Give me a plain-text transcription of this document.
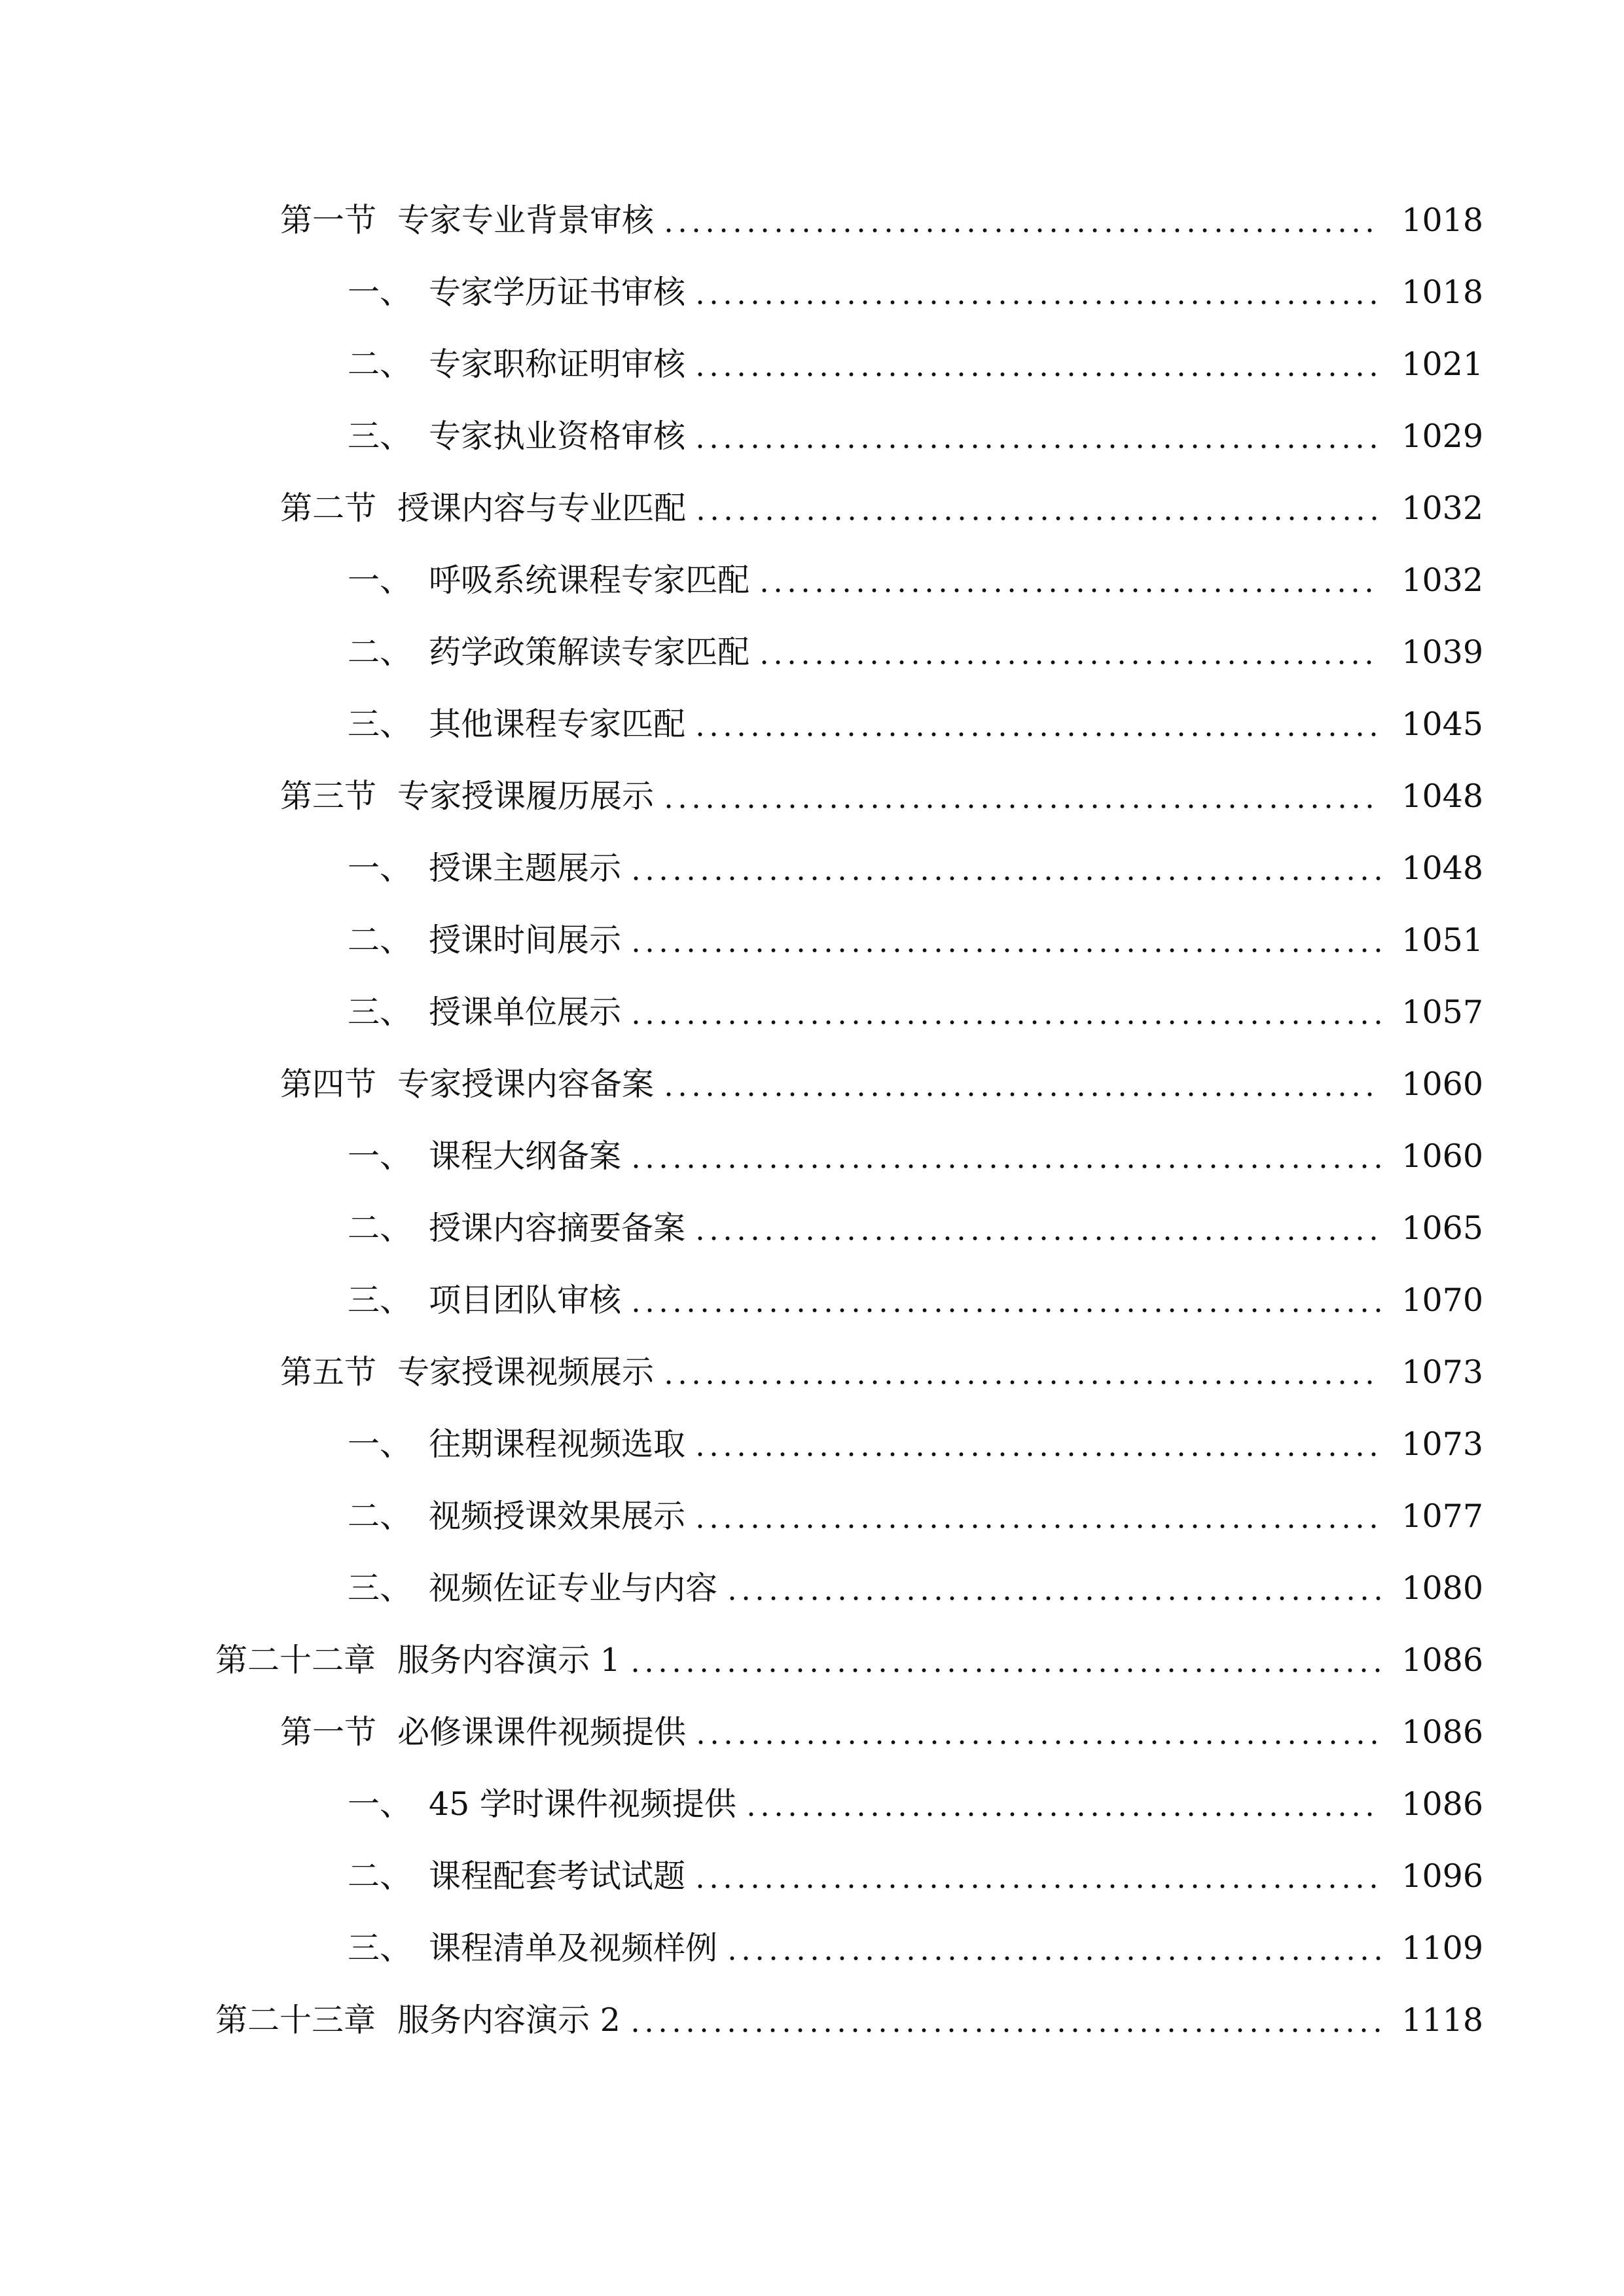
第一节 专家专业背景审核	1018
一、 专家学历证书审核	1018
二、 专家职称证明审核	1021
三、 专家执业资格审核	1029
第二节 授课内容与专业匹配	1032
一、 呼吸系统课程专家匹配	1032
二、 药学政策解读专家匹配	1039
三、 其他课程专家匹配	1045
第三节 专家授课履历展示	1048
一、 授课主题展示	1048
二、 授课时间展示	1051
三、 授课单位展示	1057
第四节 专家授课内容备案	1060
一、 课程大纲备案	1060
二、 授课内容摘要备案	1065
三、 项目团队审核	1070
第五节 专家授课视频展示	1073
一、 往期课程视频选取	1073
二、 视频授课效果展示	1077
三、 视频佐证专业与内容	1080
第二十二章 服务内容演示 1	1086
第一节 必修课课件视频提供	1086
一、 45 学时课件视频提供	1086
二、 课程配套考试试题	1096
三、 课程清单及视频样例	1109
第二十三章 服务内容演示 2	1118
